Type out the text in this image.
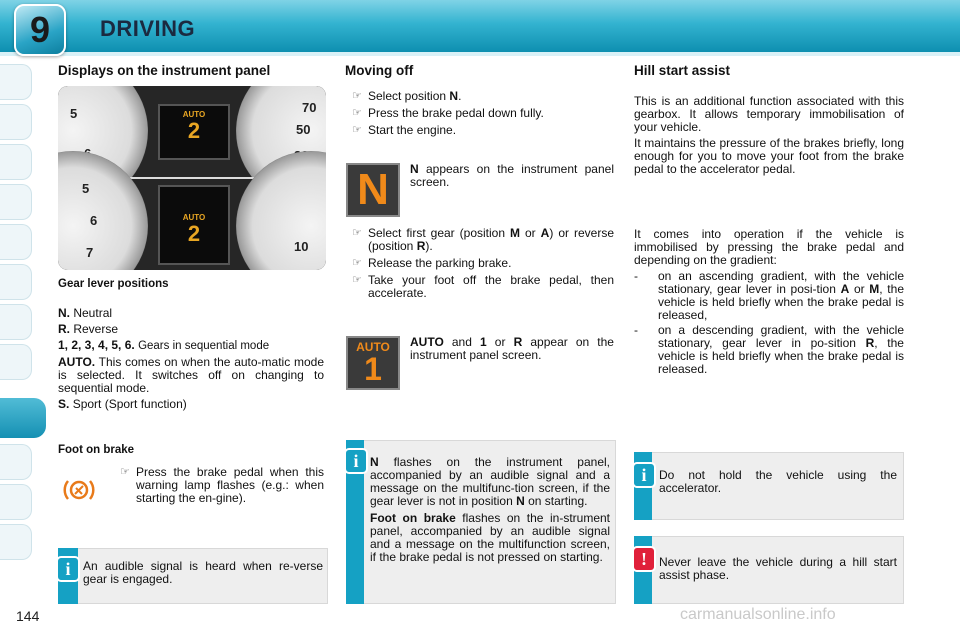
9	DRIVING
Displays on the instrument panel
AUTO
2
5	70
50
AUTO
2
5
6
7	10
Gear lever positions
N. Neutral
R. Reverse
1, 2, 3, 4, 5, 6. Gears in sequential mode
AUTO. This comes on when the auto-matic mode is selected. It switches off on changing to sequential mode.
S. Sport (Sport function)
Foot on brake
☞ Press the brake pedal when this warning lamp flashes (e.g.: when starting the en-gine).
i	An audible signal is heard when re-verse gear is engaged.
Moving off
☞ Select position N.
☞ Press the brake pedal down fully.
☞ Start the engine.
N N appears on the instrument panel screen.
☞ Select first gear (position M or A) or reverse (position R).
☞ Release the parking brake.
☞ Take your foot off the brake pedal, then accelerate.
AUTO
1
AUTO and 1 or R appear on the instrument panel screen.
i N flashes on the instrument panel, accompanied by an audible signal and a message on the multifunc-tion screen, if the gear lever is not in position N on starting.
Foot on brake flashes on the in-strument panel, accompanied by an audible signal and a message on the multifunction screen, if the brake pedal is not pressed on starting.
Hill start assist
This is an additional function associated with this gearbox. It allows temporary immobilisation of your vehicle.
It maintains the pressure of the brakes briefly, long enough for you to move your foot from the brake pedal to the accelerator pedal.
It comes into operation if the vehicle is immobilised by pressing the brake pedal and depending on the gradient:
- on an ascending gradient, with the vehicle stationary, gear lever in posi-tion A or M, the vehicle is held briefly when the brake pedal is released,
- on a descending gradient, with the vehicle stationary, gear lever in po-sition R, the vehicle is held briefly when the brake pedal is released.
i	Do not hold the vehicle using the accelerator.
!	Never leave the vehicle during a hill start assist phase.
144	carmanualsonline.info
